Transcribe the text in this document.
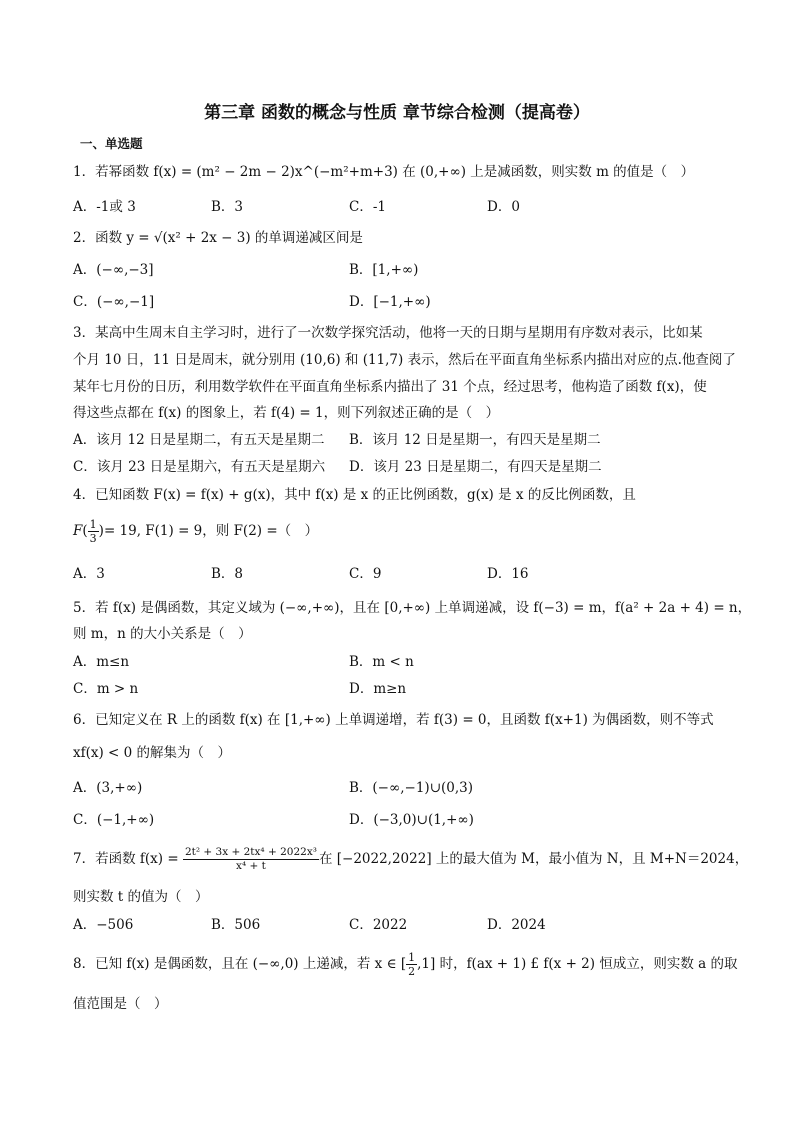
第三章 函数的概念与性质 章节综合检测（提高卷）
一、单选题
1．若幂函数 f(x) = (m² − 2m − 2)x^(−m²+m+3) 在 (0,+∞) 上是减函数，则实数 m 的值是（　）
A．-1或 3	B．3	C．-1	D．0
2．函数 y = √(x² + 2x − 3) 的单调递减区间是
A．(−∞,−3]	B．[1,+∞)
C．(−∞,−1]	D．[−1,+∞)
3．某高中生周末自主学习时，进行了一次数学探究活动，他将一天的日期与星期用有序数对表示，比如某
个月 10 日，11 日是周末，就分别用 (10,6) 和 (11,7) 表示，然后在平面直角坐标系内描出对应的点.他查阅了
某年七月份的日历，利用数学软件在平面直角坐标系内描出了 31 个点，经过思考，他构造了函数 f(x)，使
得这些点都在 f(x) 的图象上，若 f(4) = 1，则下列叙述正确的是（　）
A．该月 12 日是星期二，有五天是星期二 B．该月 12 日是星期一，有四天是星期二
C．该月 23 日是星期六，有五天是星期六 D．该月 23 日是星期二，有四天是星期二
4．已知函数 F(x) = f(x) + g(x)，其中 f(x) 是 x 的正比例函数，g(x) 是 x 的反比例函数，且
$F( \frac{1}{3}$ )= 19, F(1) = 9，则 F(2) =（　）
A．3	B．8	C．9	D．16
5．若 f(x) 是偶函数，其定义域为 (−∞,+∞)，且在 [0,+∞) 上单调递减，设 f(−3) = m，f(a² + 2a + 4) = n，
则 m，n 的大小关系是（　）
A．m≤n	B．m < n
C．m > n	D．m≥n
6．已知定义在 R 上的函数 f(x) 在 [1,+∞) 上单调递增，若 f(3) = 0，且函数 f(x+1) 为偶函数，则不等式
xf(x) < 0 的解集为（　）
A．(3,+∞)	B．(−∞,−1)∪(0,3)
C．(−1,+∞)	D．(−3,0)∪(1,+∞)
7．若函数 $f(x) = \frac{\text{2t² + 3x + 2tx⁴ + 2022x³}}{\text{x⁴ + t}}$ 在 [−2022,2022] 上的最大值为 M，最小值为 N，且 M+N＝2024，
则实数 t 的值为（　）
A．−506	B．506	C．2022	D．2024
8．已知 f(x) 是偶函数，且在 (−∞,0) 上递减，若 x ∈ [ $\frac{1}{2} ,1$] 时，f(ax + 1) £ f(x + 2) 恒成立，则实数 a 的取
值范围是（　）
